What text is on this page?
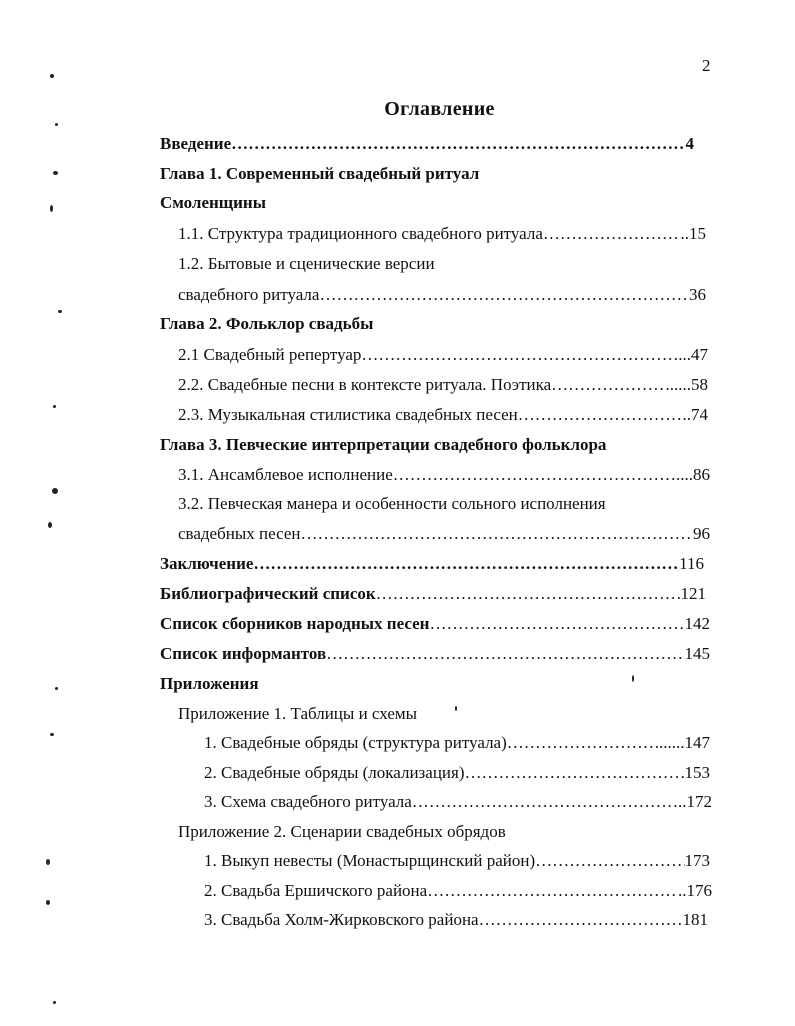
2
Оглавление
Введение ………………………………………………………………………………………………………………………………	4
Глава 1. Современный свадебный ритуал
Смоленщины
1.1. Структура традиционного свадебного ритуала ………………………………………………………………………………………………………………………………	..15
1.2. Бытовые и сценические версии
свадебного ритуала ………………………………………………………………………………………………………………………………	36
Глава 2. Фольклор свадьбы
2.1 Свадебный репертуар ………………………………………………………………………………………………………………………………	...47
2.2. Свадебные песни в контексте ритуала. Поэтика ………………………………………………………………………………………………………………………………	......58
2.3. Музыкальная стилистика свадебных песен ………………………………………………………………………………………………………………………………	..74
Глава 3. Певческие интерпретации свадебного фольклора
3.1. Ансамблевое исполнение ………………………………………………………………………………………………………………………………	....86
3.2. Певческая манера и особенности сольного исполнения
свадебных песен ………………………………………………………………………………………………………………………………	96
Заключение ………………………………………………………………………………………………………………………………	116
Библиографический список ………………………………………………………………………………………………………………………………	121
Список сборников народных песен ………………………………………………………………………………………………………………………………	142
Список информантов ………………………………………………………………………………………………………………………………	145
Приложения
Приложение 1. Таблицы и схемы
1. Свадебные обряды (структура ритуала) ………………………………………………………………………………………………………………………………	......147
2. Свадебные обряды (локализация) ………………………………………………………………………………………………………………………………	153
3. Схема свадебного ритуала ………………………………………………………………………………………………………………………………	..172
Приложение 2. Сценарии свадебных обрядов
1. Выкуп невесты (Монастырщинский район) ………………………………………………………………………………………………………………………………	173
2. Свадьба Ершичского района ………………………………………………………………………………………………………………………………	..176
3. Свадьба Холм-Жирковского района ………………………………………………………………………………………………………………………………	181
